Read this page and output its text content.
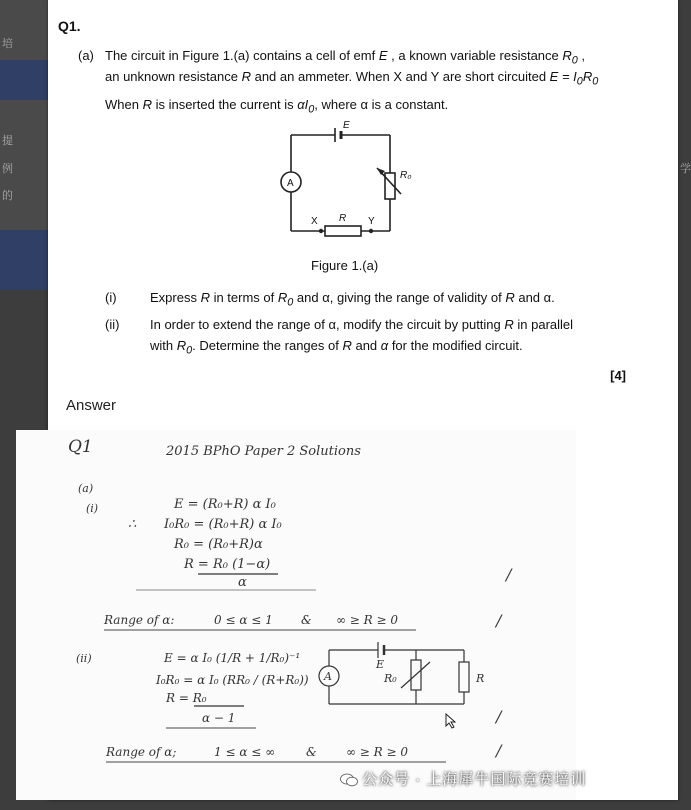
培
提
例
的
学
Q1.
(a) The circuit in Figure 1.(a) contains a cell of emf E , a known variable resistance $R_0$ ,
an unknown resistance R and an ammeter. When X and Y are short circuited $E = I_0R_0$
When R is inserted the current is $\alpha I_0$, where α is a constant.
E
R₀
A
X R Y
Figure 1.(a)
(i)	Express R in terms of $R_0$ and α, giving the range of validity of R and α.
(ii) In order to extend the range of α, modify the circuit by putting R in parallel
with $R_0$. Determine the ranges of R and α for the modified circuit.
[4]
Answer
Q1	2015 BPhO Paper 2 Solutions
(a)
(i)	E = (R₀+R) α I₀
∴ I₀R₀ = (R₀+R) α I₀
R₀ = (R₀+R)α
R = R₀ (1−α)
α	/
Range of α:	0 ≤ α ≤ 1 & ∞ ≥ R ≥ 0	/
(ii)	E = α I₀ (1/R + 1/R₀)⁻¹
I₀R₀ = α I₀ (RR₀ / (R+R₀))
R = R₀
α − 1	/
E
A	R₀	R
Range of α;	1 ≤ α ≤ ∞	& ∞ ≥ R ≥ 0	/
公众号 · 上海犀牛国际竞赛培训
